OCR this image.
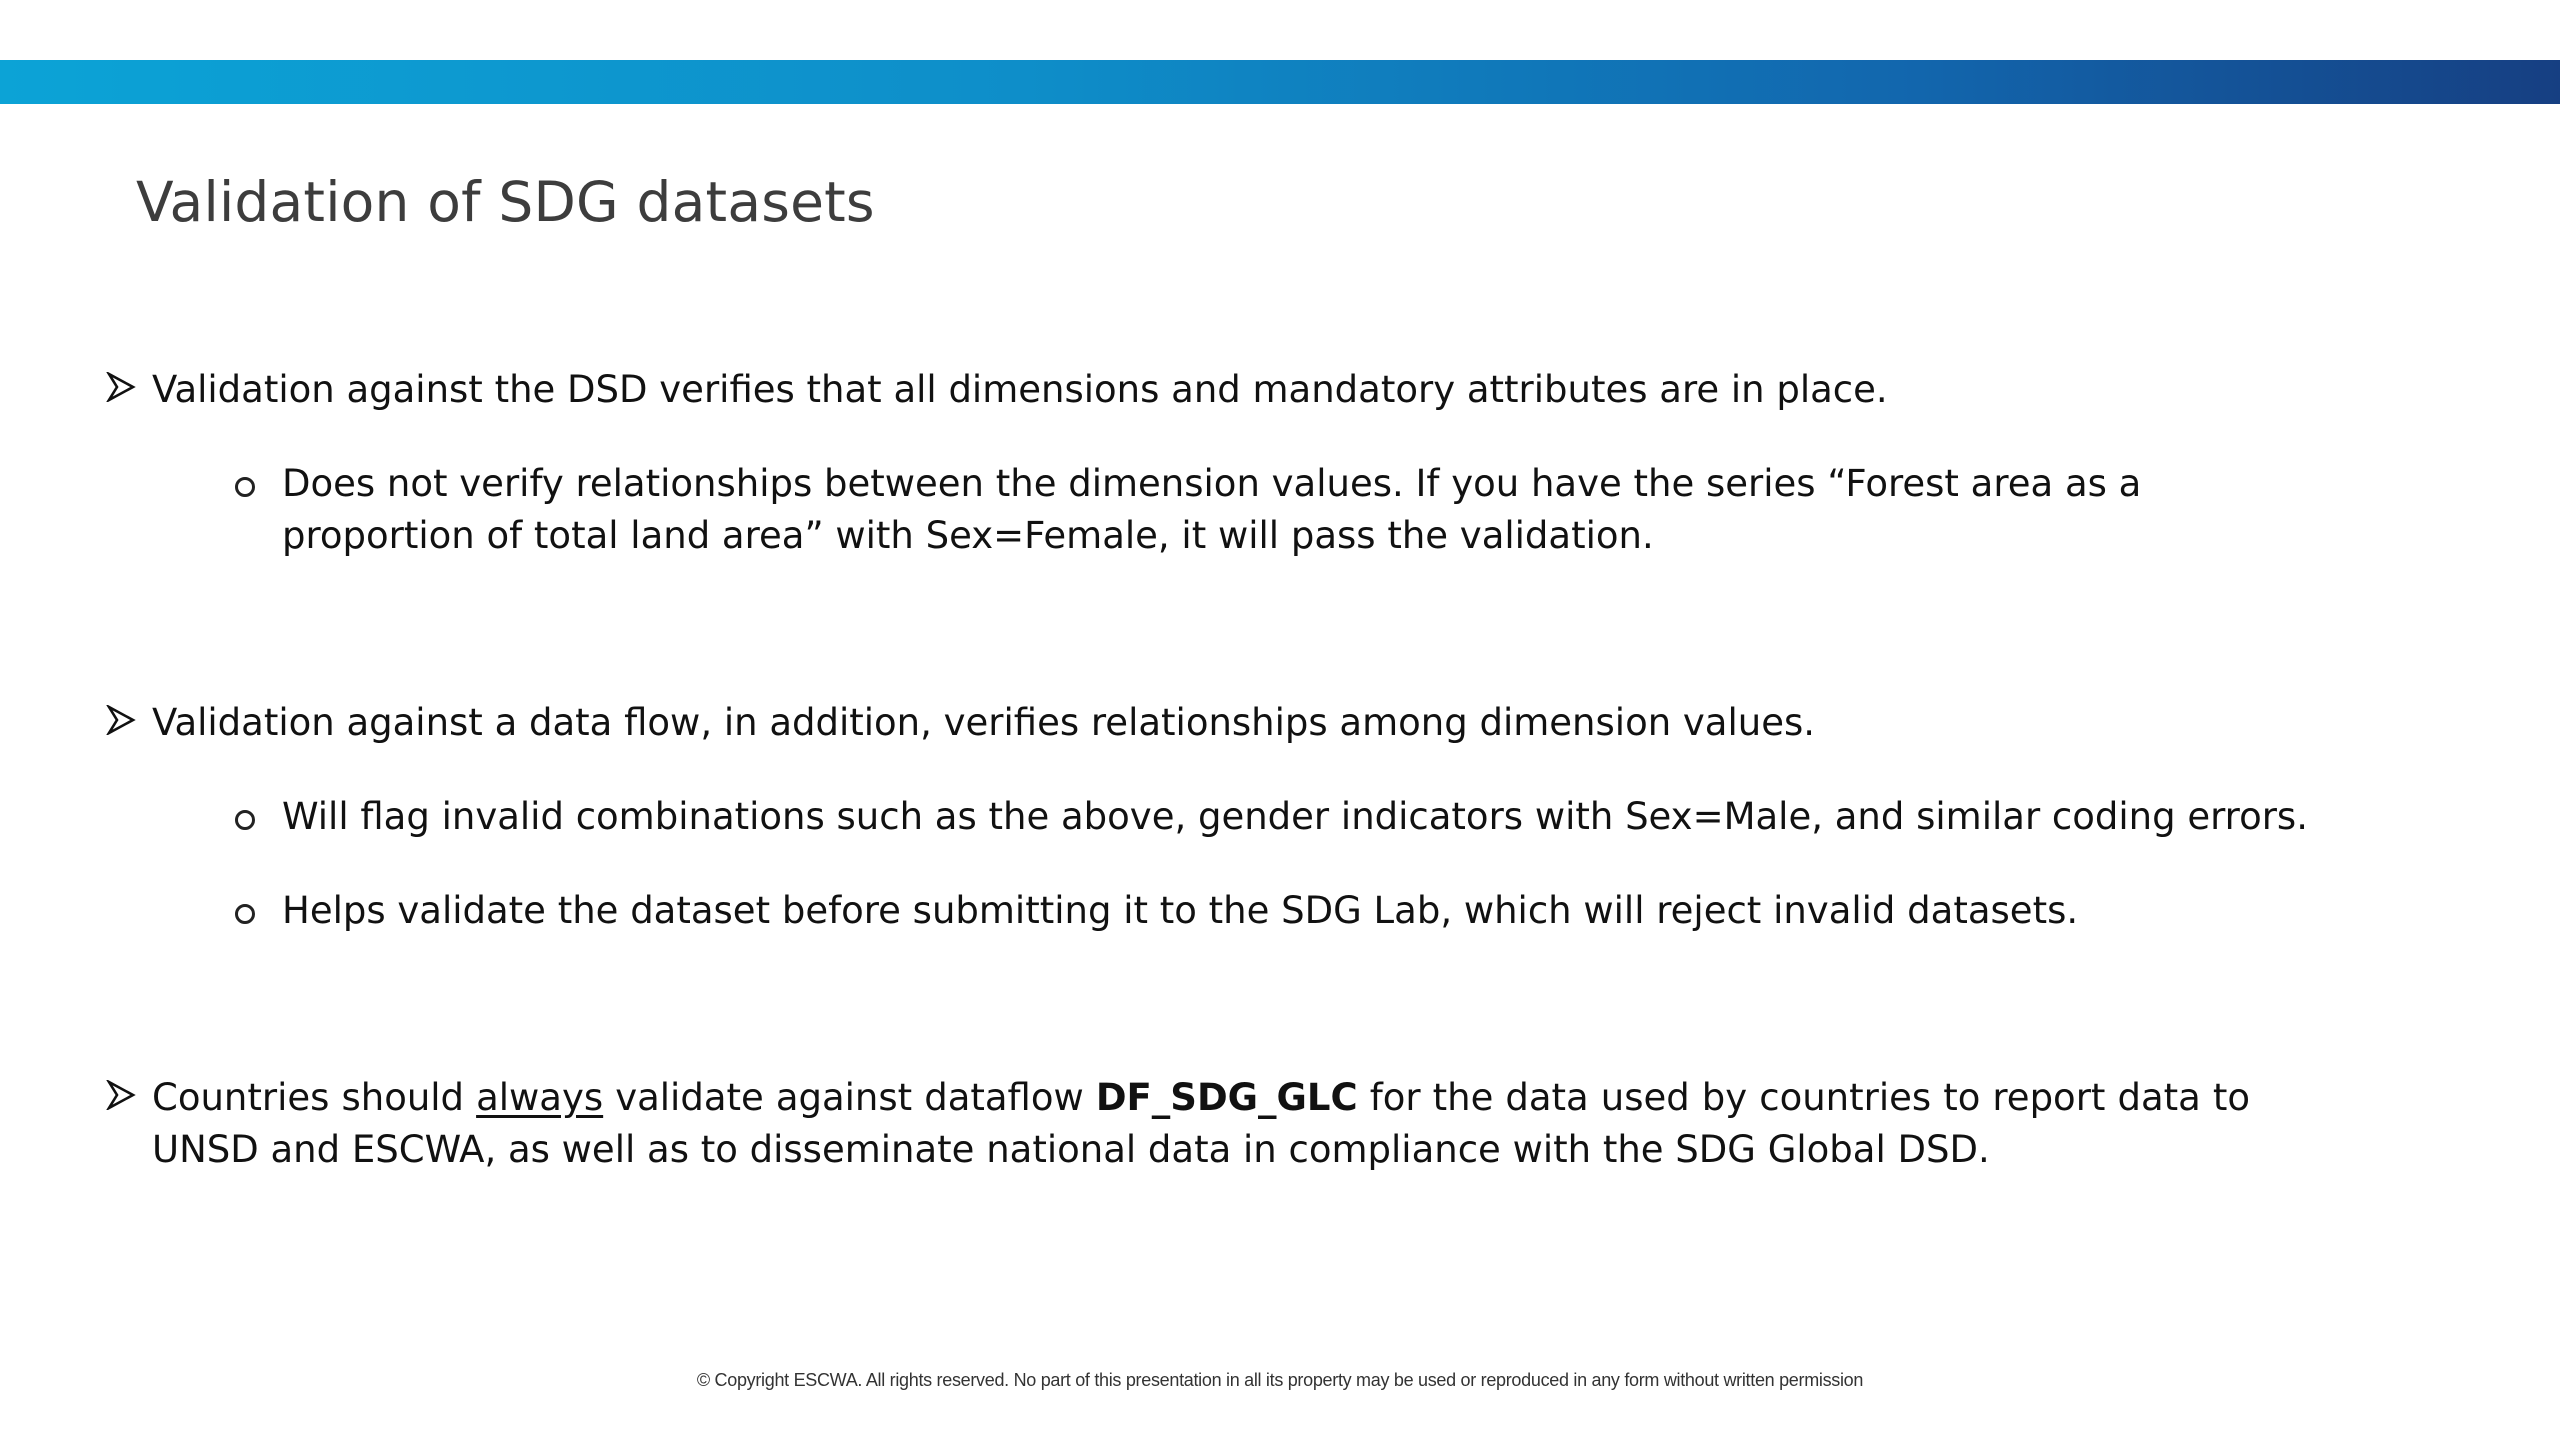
Validation of SDG datasets
Validation against the DSD verifies that all dimensions and mandatory attributes are in place.
Does not verify relationships between the dimension values. If you have the series “Forest area as a proportion of total land area” with Sex=Female, it will pass the validation.
Validation against a data flow, in addition, verifies relationships among dimension values.
Will flag invalid combinations such as the above, gender indicators with Sex=Male, and similar coding errors.
Helps validate the dataset before submitting it to the SDG Lab, which will reject invalid datasets.
Countries should always validate against dataflow DF_SDG_GLC for the data used by countries to report data to UNSD and ESCWA, as well as to disseminate national data in compliance with the SDG Global DSD.
© Copyright ESCWA. All rights reserved. No part of this presentation in all its property may be used or reproduced in any form without written permission
